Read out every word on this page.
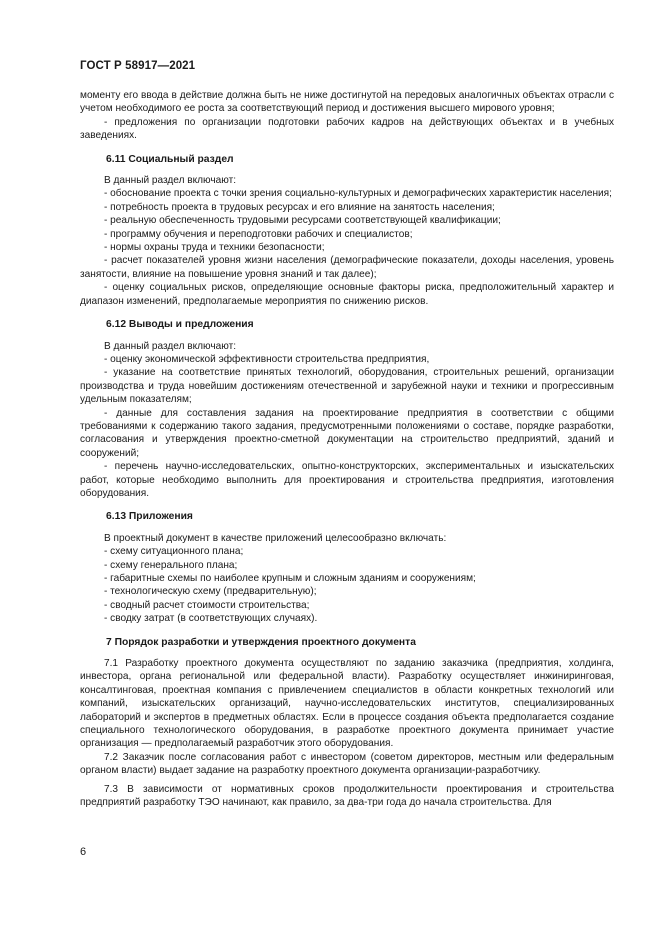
ГОСТ Р 58917—2021

моменту его ввода в действие должна быть не ниже достигнутой на передовых аналогичных объектах отрасли с учетом необходимого ее роста за соответствующий период и достижения высшего мирового уровня;

- предложения по организации подготовки рабочих кадров на действующих объектах и в учебных заведениях.

6.11 Социальный раздел

В данный раздел включают:

- обоснование проекта с точки зрения социально-культурных и демографических характеристик населения;

- потребность проекта в трудовых ресурсах и его влияние на занятость населения;

- реальную обеспеченность трудовыми ресурсами соответствующей квалификации;

- программу обучения и переподготовки рабочих и специалистов;

- нормы охраны труда и техники безопасности;

- расчет показателей уровня жизни населения (демографические показатели, доходы населения, уровень занятости, влияние на повышение уровня знаний и так далее);

- оценку социальных рисков, определяющие основные факторы риска, предположительный характер и диапазон изменений, предполагаемые мероприятия по снижению рисков.

6.12 Выводы и предложения

В данный раздел включают:

- оценку экономической эффективности строительства предприятия,

- указание на соответствие принятых технологий, оборудования, строительных решений, организации производства и труда новейшим достижениям отечественной и зарубежной науки и техники и прогрессивным удельным показателям;

- данные для составления задания на проектирование предприятия в соответствии с общими требованиями к содержанию такого задания, предусмотренными положениями о составе, порядке разработки, согласования и утверждения проектно-сметной документации на строительство предприятий, зданий и сооружений;

- перечень научно-исследовательских, опытно-конструкторских, экспериментальных и изыскательских работ, которые необходимо выполнить для проектирования и строительства предприятия, изготовления оборудования.

6.13 Приложения

В проектный документ в качестве приложений целесообразно включать:

- схему ситуационного плана;

- схему генерального плана;

- габаритные схемы по наиболее крупным и сложным зданиям и сооружениям;

- технологическую схему (предварительную);

- сводный расчет стоимости строительства;

- сводку затрат (в соответствующих случаях).

7 Порядок разработки и утверждения проектного документа

7.1 Разработку проектного документа осуществляют по заданию заказчика (предприятия, холдинга, инвестора, органа региональной или федеральной власти). Разработку осуществляет инжиниринговая, консалтинговая, проектная компания с привлечением специалистов в области конкретных технологий или компаний, изыскательских организаций, научно-исследовательских институтов, специализированных лабораторий и экспертов в предметных областях. Если в процессе создания объекта предполагается создание специального технологического оборудования, в разработке проектного документа принимает участие организация — предполагаемый разработчик этого оборудования.

7.2 Заказчик после согласования работ с инвестором (советом директоров, местным или федеральным органом власти) выдает задание на разработку проектного документа организации-разработчику.

7.3 В зависимости от нормативных сроков продолжительности проектирования и строительства предприятий разработку ТЭО начинают, как правило, за два-три года до начала строительства. Для

6
